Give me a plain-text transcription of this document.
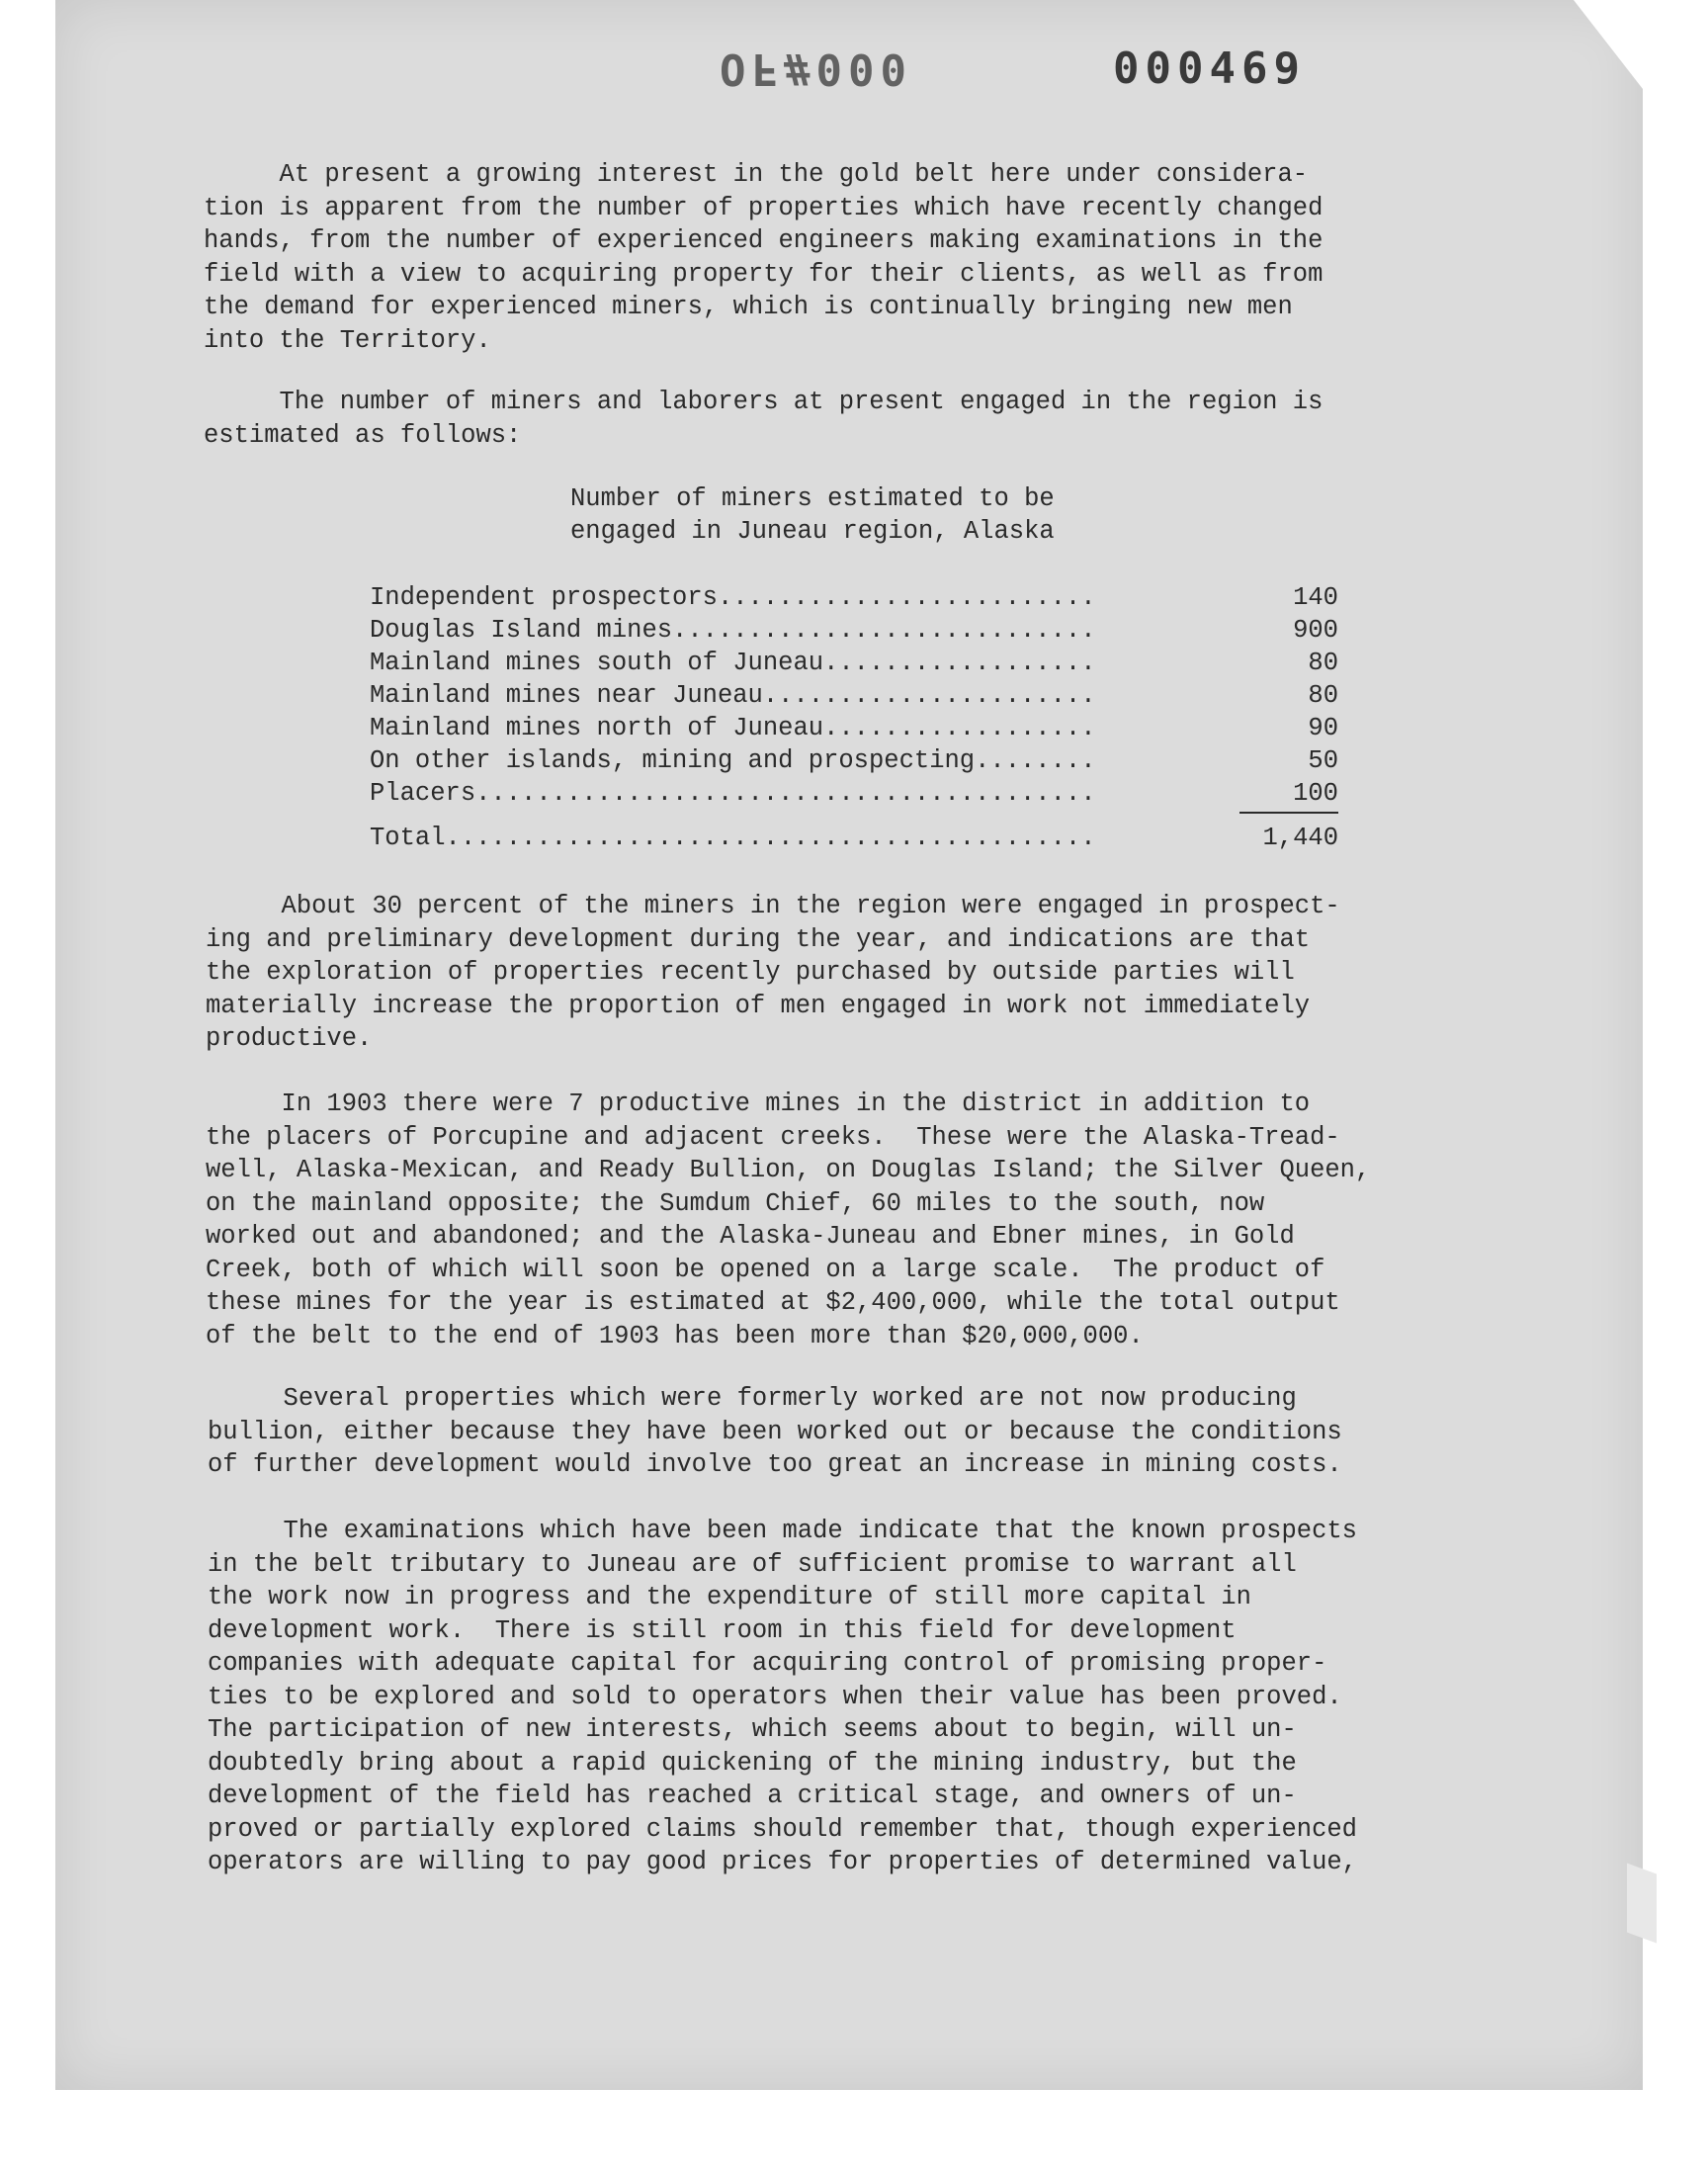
OF#000	000469

At present a growing interest in the gold belt here under considera-
tion is apparent from the number of properties which have recently changed
hands, from the number of experienced engineers making examinations in the
field with a view to acquiring property for their clients, as well as from
the demand for experienced miners, which is continually bringing new men
into the Territory.

The number of miners and laborers at present engaged in the region is
estimated as follows:

Number of miners estimated to be
engaged in Juneau region, Alaska
Independent prospectors.........................	140
Douglas Island mines............................	900
Mainland mines south of Juneau..................	80
Mainland mines near Juneau......................	80
Mainland mines north of Juneau..................	90
On other islands, mining and prospecting........	50
Placers.........................................	100
Total...........................................	1,440

About 30 percent of the miners in the region were engaged in prospect-
ing and preliminary development during the year, and indications are that
the exploration of properties recently purchased by outside parties will
materially increase the proportion of men engaged in work not immediately
productive.

In 1903 there were 7 productive mines in the district in addition to
the placers of Porcupine and adjacent creeks.  These were the Alaska-Tread-
well, Alaska-Mexican, and Ready Bullion, on Douglas Island; the Silver Queen,
on the mainland opposite; the Sumdum Chief, 60 miles to the south, now
worked out and abandoned; and the Alaska-Juneau and Ebner mines, in Gold
Creek, both of which will soon be opened on a large scale.  The product of
these mines for the year is estimated at $2,400,000, while the total output
of the belt to the end of 1903 has been more than $20,000,000.

Several properties which were formerly worked are not now producing
bullion, either because they have been worked out or because the conditions
of further development would involve too great an increase in mining costs.

The examinations which have been made indicate that the known prospects
in the belt tributary to Juneau are of sufficient promise to warrant all
the work now in progress and the expenditure of still more capital in
development work.  There is still room in this field for development
companies with adequate capital for acquiring control of promising proper-
ties to be explored and sold to operators when their value has been proved.
The participation of new interests, which seems about to begin, will un-
doubtedly bring about a rapid quickening of the mining industry, but the
development of the field has reached a critical stage, and owners of un-
proved or partially explored claims should remember that, though experienced
operators are willing to pay good prices for properties of determined value,
